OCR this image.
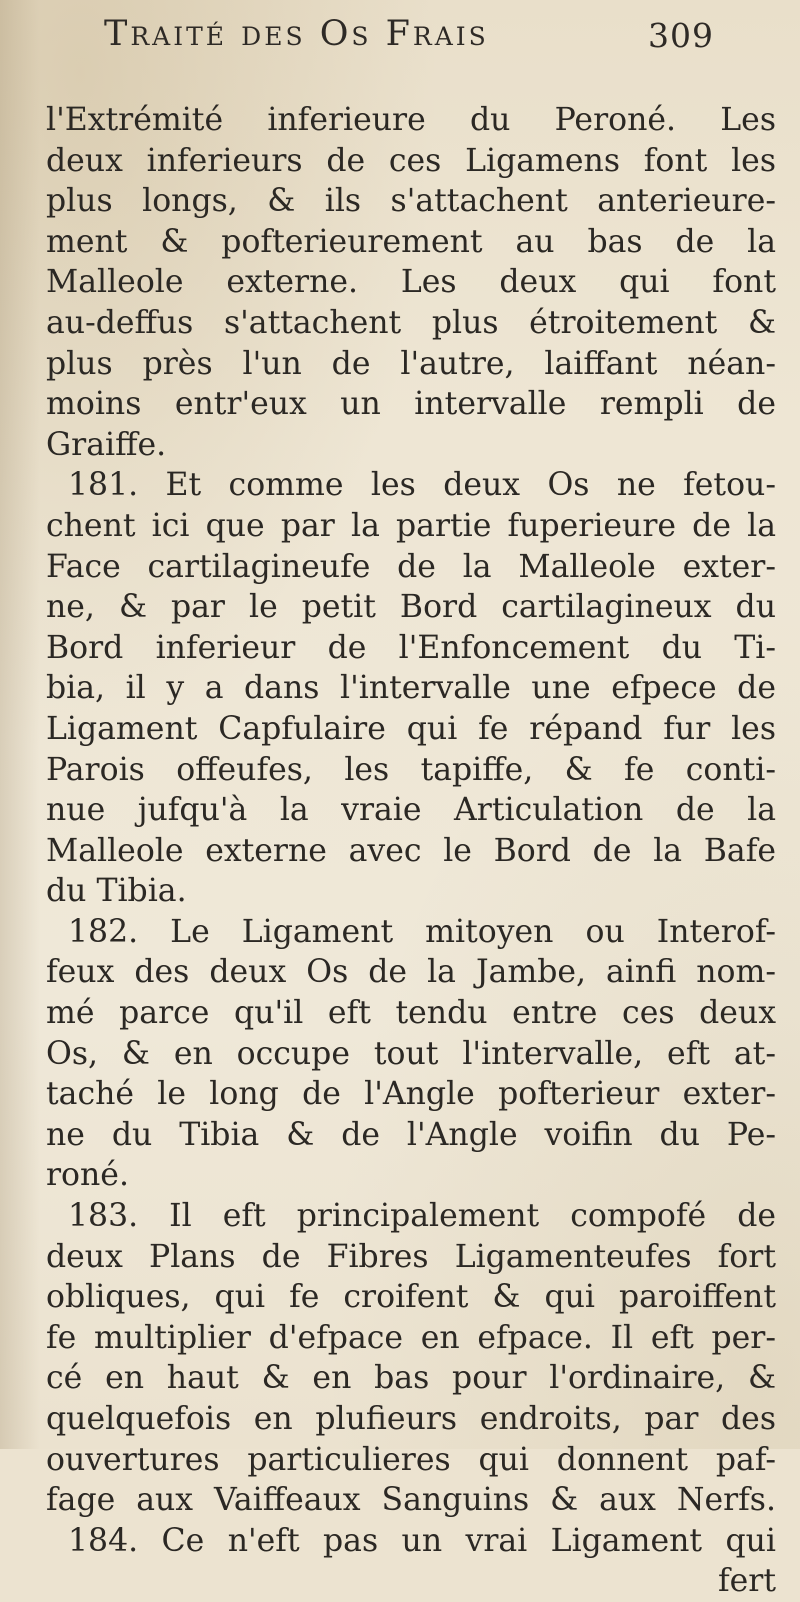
Traité des Os Frais	309
l'Extrémité inferieure du Peroné. Les
deux inferieurs de ces Ligamens font les
plus longs, & ils s'attachent anterieure-
ment & pofterieurement au bas de la
Malleole externe. Les deux qui font
au-deffus s'attachent plus étroitement &
plus près l'un de l'autre, laiffant néan-
moins entr'eux un intervalle rempli de
Graiffe.
181. Et comme les deux Os ne fetou-
chent ici que par la partie fuperieure de la
Face cartilagineufe de la Malleole exter-
ne, & par le petit Bord cartilagineux du
Bord inferieur de l'Enfoncement du Ti-
bia, il y a dans l'intervalle une efpece de
Ligament Capfulaire qui fe répand fur les
Parois offeufes, les tapiffe, & fe conti-
nue jufqu'à la vraie Articulation de la
Malleole externe avec le Bord de la Bafe
du Tibia.
182. Le Ligament mitoyen ou Interof-
feux des deux Os de la Jambe, ainfi nom-
mé parce qu'il eft tendu entre ces deux
Os, & en occupe tout l'intervalle, eft at-
taché le long de l'Angle pofterieur exter-
ne du Tibia & de l'Angle voifin du Pe-
roné.
183. Il eft principalement compofé de
deux Plans de Fibres Ligamenteufes fort
obliques, qui fe croifent & qui paroiffent
fe multiplier d'efpace en efpace. Il eft per-
cé en haut & en bas pour l'ordinaire, &
quelquefois en plufieurs endroits, par des
ouvertures particulieres qui donnent paf-
fage aux Vaiffeaux Sanguins & aux Nerfs.
184. Ce n'eft pas un vrai Ligament qui
fert
